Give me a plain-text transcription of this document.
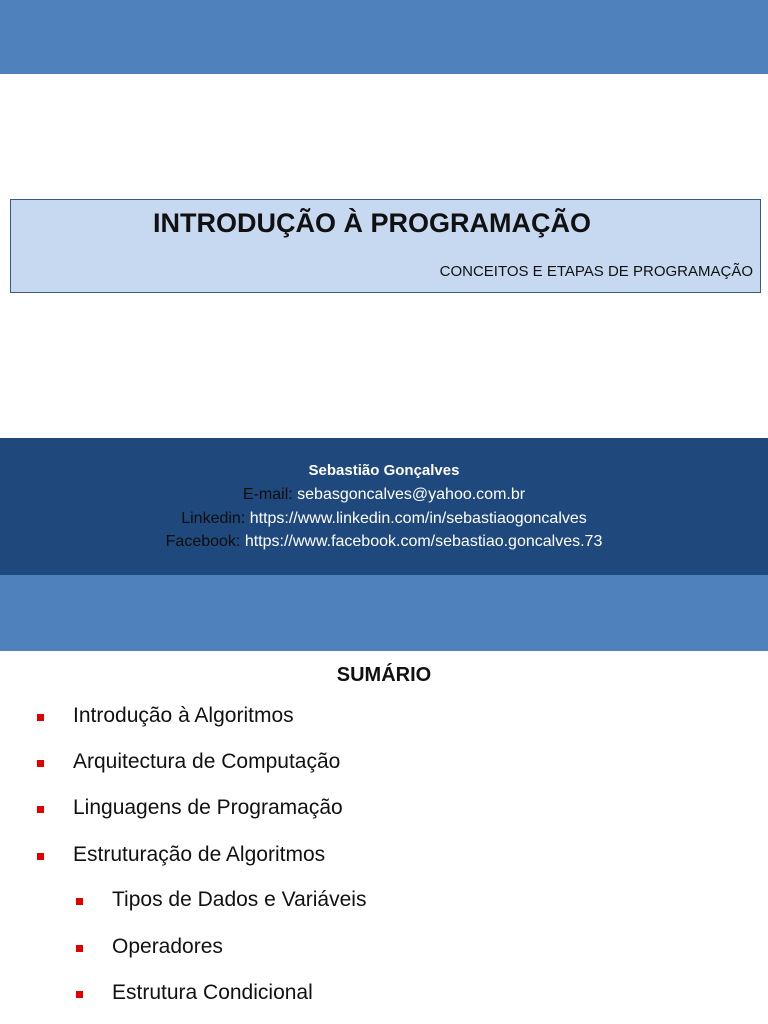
INTRODUÇÃO À PROGRAMAÇÃO
CONCEITOS E ETAPAS DE PROGRAMAÇÃO
Sebastião Gonçalves
E-mail: sebasgoncalves@yahoo.com.br
Linkedin: https://www.linkedin.com/in/sebastiaogoncalves
Facebook: https://www.facebook.com/sebastiao.goncalves.73
SUMÁRIO
Introdução à Algoritmos
Arquitectura de Computação
Linguagens de Programação
Estruturação de Algoritmos
Tipos de Dados e Variáveis
Operadores
Estrutura Condicional
